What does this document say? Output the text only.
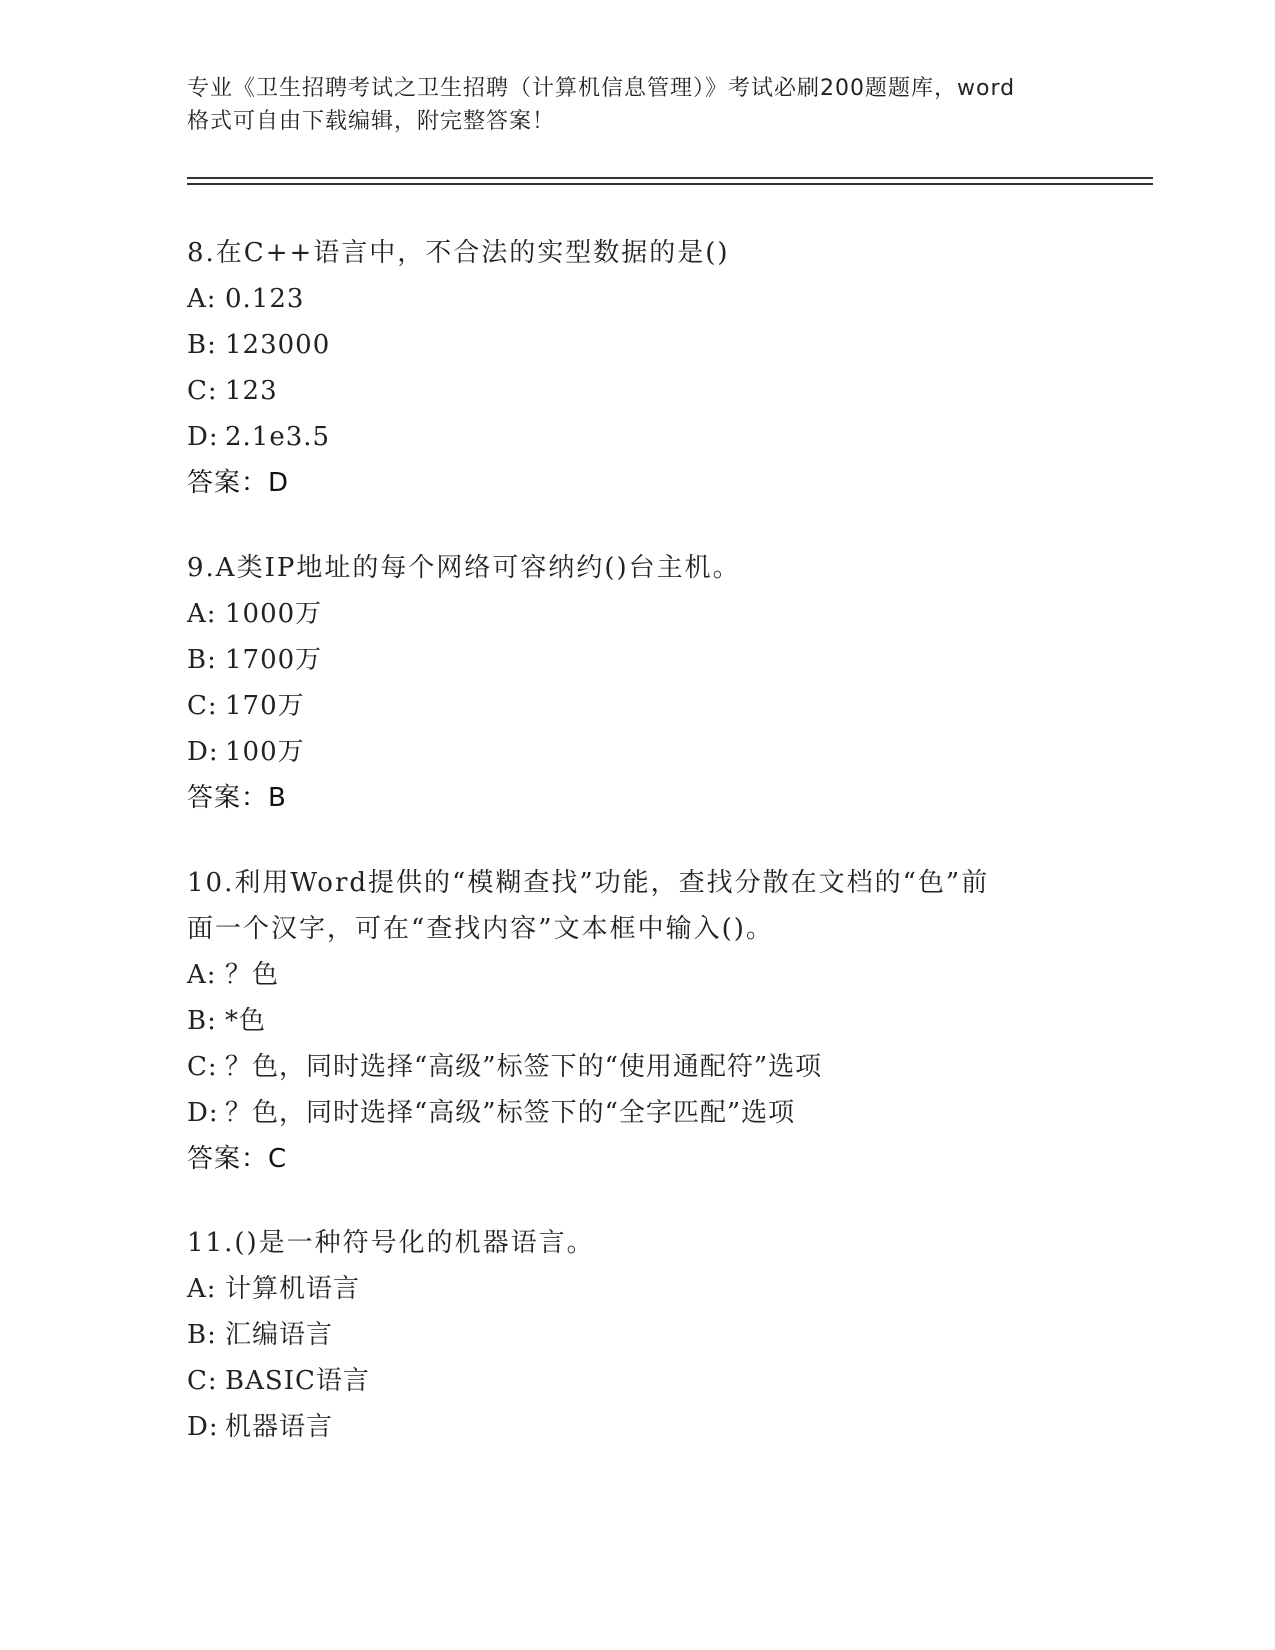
专业《卫生招聘考试之卫生招聘（计算机信息管理）》考试必刷200题题库，word
格式可自由下载编辑，附完整答案！
8.在C++语言中，不合法的实型数据的是()
A: 0.123
B: 123000
C: 123
D: 2.1e3.5
答案：D
9.A类IP地址的每个网络可容纳约()台主机。
A: 1000万
B: 1700万
C: 170万
D: 100万
答案：B
10.利用Word提供的“模糊查找”功能，查找分散在文档的“色”前
面一个汉字，可在“查找内容”文本框中输入()。
A: ？色
B: *色
C: ？色，同时选择“高级”标签下的“使用通配符”选项
D: ？色，同时选择“高级”标签下的“全字匹配”选项
答案：C
11.()是一种符号化的机器语言。
A: 计算机语言
B: 汇编语言
C: BASIC语言
D: 机器语言
